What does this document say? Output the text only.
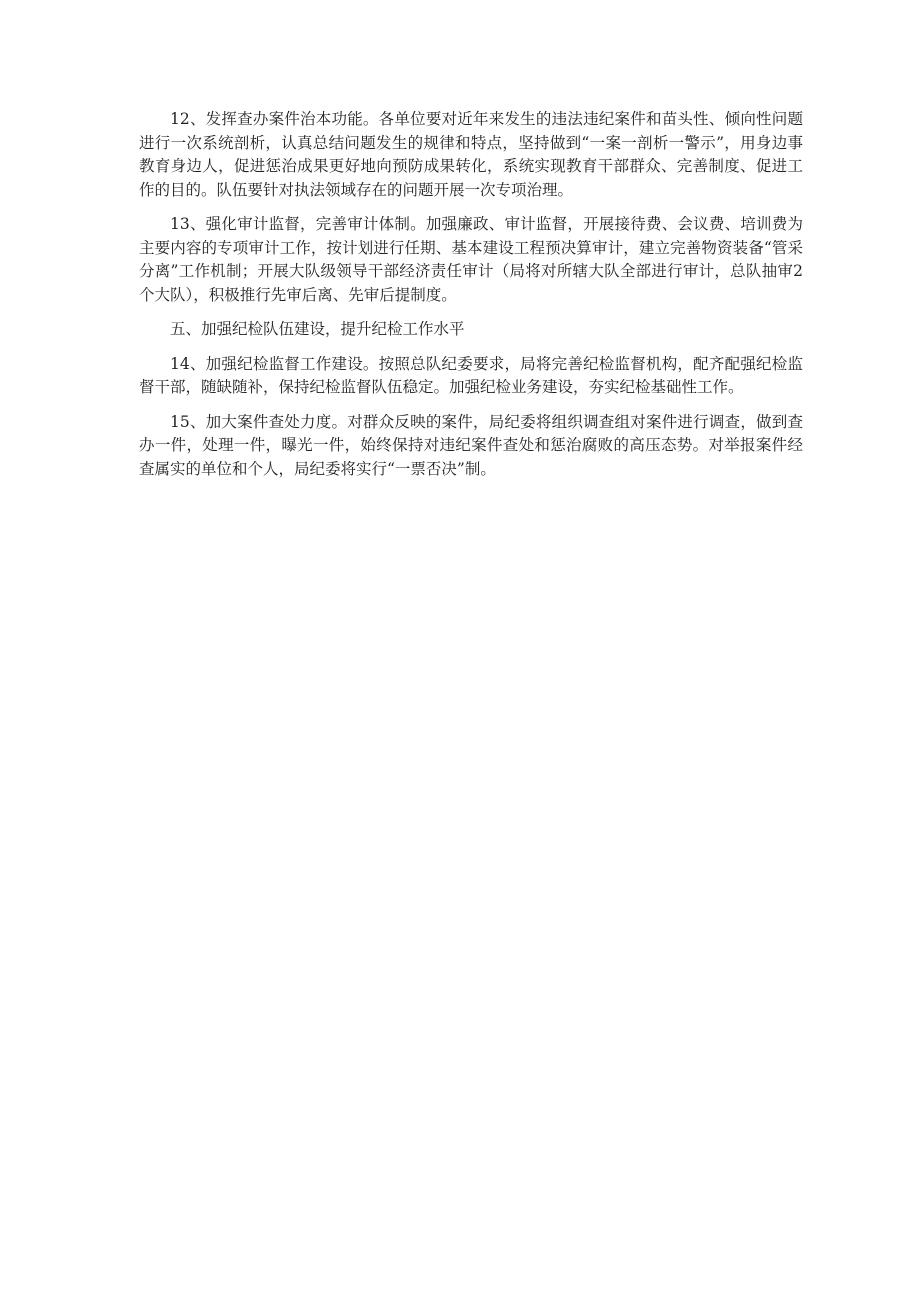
12、发挥查办案件治本功能。各单位要对近年来发生的违法违纪案件和苗头性、倾向性问题进行一次系统剖析，认真总结问题发生的规律和特点，坚持做到“一案一剖析一警示”，用身边事教育身边人，促进惩治成果更好地向预防成果转化，系统实现教育干部群众、完善制度、促进工作的目的。队伍要针对执法领域存在的问题开展一次专项治理。

13、强化审计监督，完善审计体制。加强廉政、审计监督，开展接待费、会议费、培训费为主要内容的专项审计工作，按计划进行任期、基本建设工程预决算审计，建立完善物资装备“管采分离”工作机制；开展大队级领导干部经济责任审计（局将对所辖大队全部进行审计，总队抽审2个大队），积极推行先审后离、先审后提制度。

五、加强纪检队伍建设，提升纪检工作水平

14、加强纪检监督工作建设。按照总队纪委要求，局将完善纪检监督机构，配齐配强纪检监督干部，随缺随补，保持纪检监督队伍稳定。加强纪检业务建设，夯实纪检基础性工作。

15、加大案件查处力度。对群众反映的案件，局纪委将组织调查组对案件进行调查，做到查办一件，处理一件，曝光一件，始终保持对违纪案件查处和惩治腐败的高压态势。对举报案件经查属实的单位和个人，局纪委将实行“一票否决”制。
